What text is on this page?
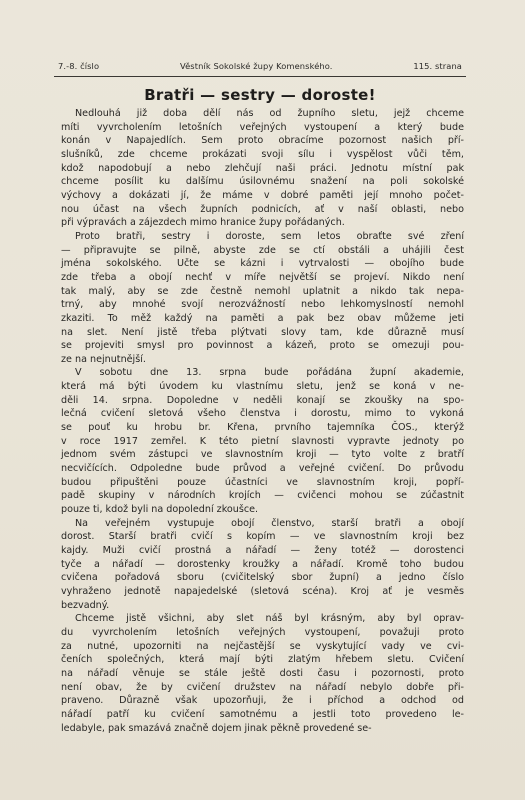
7.-8. číslo	Věstník Sokolské župy Komenského.	115. strana
Bratři — sestry — doroste!
Nedlouhá již doba dělí nás od župního sletu, jejž chceme
míti vyvrcholením letošních veřejných vystoupení a který bude
konán v Napajedlích. Sem proto obracíme pozornost našich pří-
slušníků, zde chceme prokázati svoji sílu i vyspělost vůči těm,
kdož napodobují a nebo zlehčují naši práci. Jednotu místní pak
chceme posílit ku dalšímu úsilovnému snažení na poli sokolské
výchovy a dokázati jí, že máme v dobré paměti její mnoho počet-
nou účast na všech župních podnicích, ať v naší oblasti, nebo
při výpravách a zájezdech mimo hranice župy pořádaných.
Proto bratři, sestry i doroste, sem letos obraťte své zření
— připravujte se pilně, abyste zde se ctí obstáli a uhájili čest
jména sokolského. Učte se kázni i vytrvalosti — obojího bude
zde třeba a obojí nechť v míře největší se projeví. Nikdo není
tak malý, aby se zde čestně nemohl uplatnit a nikdo tak nepa-
trný, aby mnohé svojí nerozvážností nebo lehkomyslností nemohl
zkaziti. To měž každý na paměti a pak bez obav můžeme jeti
na slet. Není jistě třeba plýtvati slovy tam, kde důrazně musí
se projeviti smysl pro povinnost a kázeň, proto se omezuji pou-
ze na nejnutnější.
V sobotu dne 13. srpna bude pořádána župní akademie,
která má býti úvodem ku vlastnímu sletu, jenž se koná v ne-
děli 14. srpna. Dopoledne v neděli konají se zkoušky na spo-
lečná cvičení sletová všeho členstva i dorostu, mimo to vykoná
se pouť ku hrobu br. Křena, prvního tajemníka ČOS., kterýž
v roce 1917 zemřel. K této pietní slavnosti vypravte jednoty po
jednom svém zástupci ve slavnostním kroji — tyto volte z bratří
necvičících. Odpoledne bude průvod a veřejné cvičení. Do průvodu
budou připuštěni pouze účastníci ve slavnostním kroji, popří-
padě skupiny v národních krojích — cvičenci mohou se zúčastnit
pouze ti, kdož byli na dopolední zkoušce.
Na veřejném vystupuje obojí členstvo, starší bratři a obojí
dorost. Starší bratři cvičí s kopím — ve slavnostním kroji bez
kajdy. Muži cvičí prostná a nářadí — ženy totéž — dorostenci
tyče a nářadí — dorostenky kroužky a nářadí. Kromě toho budou
cvičena pořadová sboru (cvičitelský sbor župní) a jedno číslo
vyhraženo jednotě napajedelské (sletová scéna). Kroj ať je vesměs
bezvadný.
Chceme jistě všichni, aby slet náš byl krásným, aby byl oprav-
du vyvrcholením letošních veřejných vystoupení, považuji proto
za nutné, upozorniti na nejčastější se vyskytující vady ve cvi-
čeních společných, která mají býti zlatým hřebem sletu. Cvičení
na nářadí věnuje se stále ještě dosti času i pozornosti, proto
není obav, že by cvičení družstev na nářadí nebylo dobře při-
praveno. Důrazně však upozorňuji, že i příchod a odchod od
nářadí patří ku cvičení samotnému a jestli toto provedeno le-
ledabyle, pak smazává značně dojem jinak pěkně provedené se-
